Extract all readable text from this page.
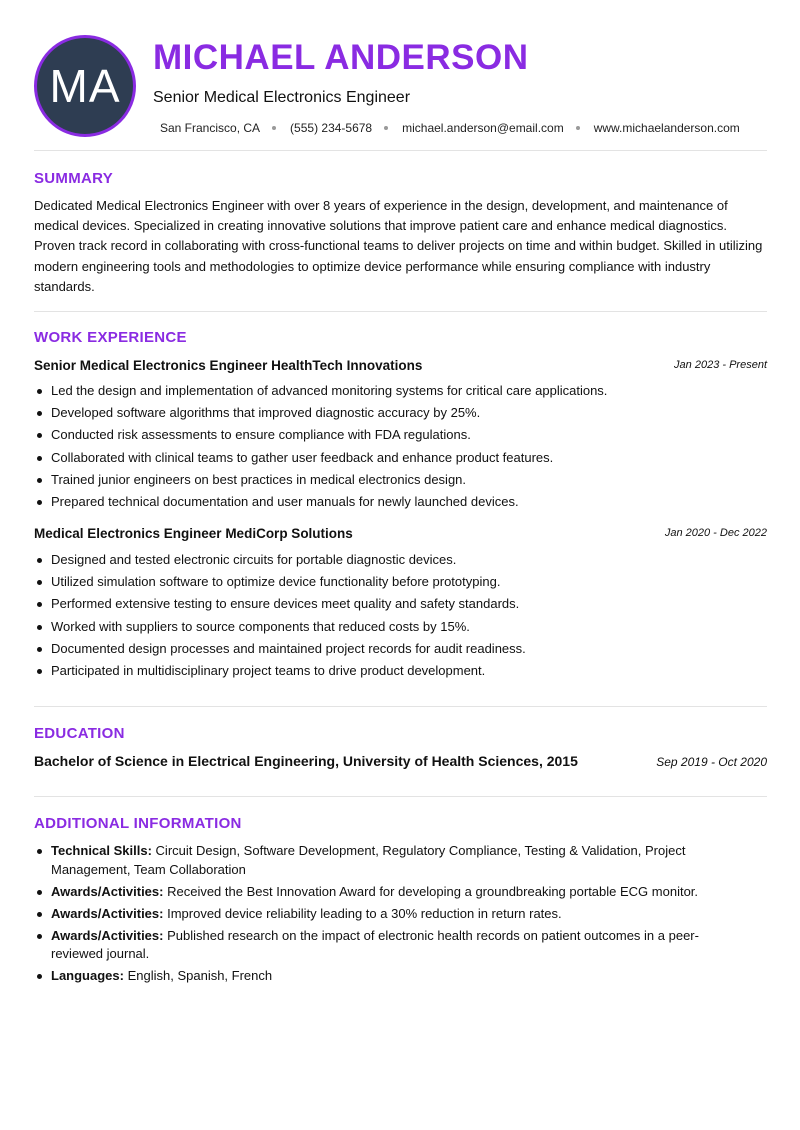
MA
MICHAEL ANDERSON
Senior Medical Electronics Engineer
San Francisco, CA	(555) 234-5678	michael.anderson@email.com	www.michaelanderson.com
SUMMARY

Dedicated Medical Electronics Engineer with over 8 years of experience in the design, development, and maintenance of medical devices. Specialized in creating innovative solutions that improve patient care and enhance medical diagnostics. Proven track record in collaborating with cross-functional teams to deliver projects on time and within budget. Skilled in utilizing modern engineering tools and methodologies to optimize device performance while ensuring compliance with industry standards.

WORK EXPERIENCE
Senior Medical Electronics Engineer HealthTech Innovations	Jan 2023 - Present
Led the design and implementation of advanced monitoring systems for critical care applications.
Developed software algorithms that improved diagnostic accuracy by 25%.
Conducted risk assessments to ensure compliance with FDA regulations.
Collaborated with clinical teams to gather user feedback and enhance product features.
Trained junior engineers on best practices in medical electronics design.
Prepared technical documentation and user manuals for newly launched devices.
Medical Electronics Engineer MediCorp Solutions	Jan 2020 - Dec 2022
Designed and tested electronic circuits for portable diagnostic devices.
Utilized simulation software to optimize device functionality before prototyping.
Performed extensive testing to ensure devices meet quality and safety standards.
Worked with suppliers to source components that reduced costs by 15%.
Documented design processes and maintained project records for audit readiness.
Participated in multidisciplinary project teams to drive product development.
EDUCATION
Bachelor of Science in Electrical Engineering, University of Health Sciences, 2015	Sep 2019 - Oct 2020
ADDITIONAL INFORMATION
Technical Skills: Circuit Design, Software Development, Regulatory Compliance, Testing & Validation, Project Management, Team Collaboration
Awards/Activities: Received the Best Innovation Award for developing a groundbreaking portable ECG monitor.
Awards/Activities: Improved device reliability leading to a 30% reduction in return rates.
Awards/Activities: Published research on the impact of electronic health records on patient outcomes in a peer-reviewed journal.
Languages: English, Spanish, French
